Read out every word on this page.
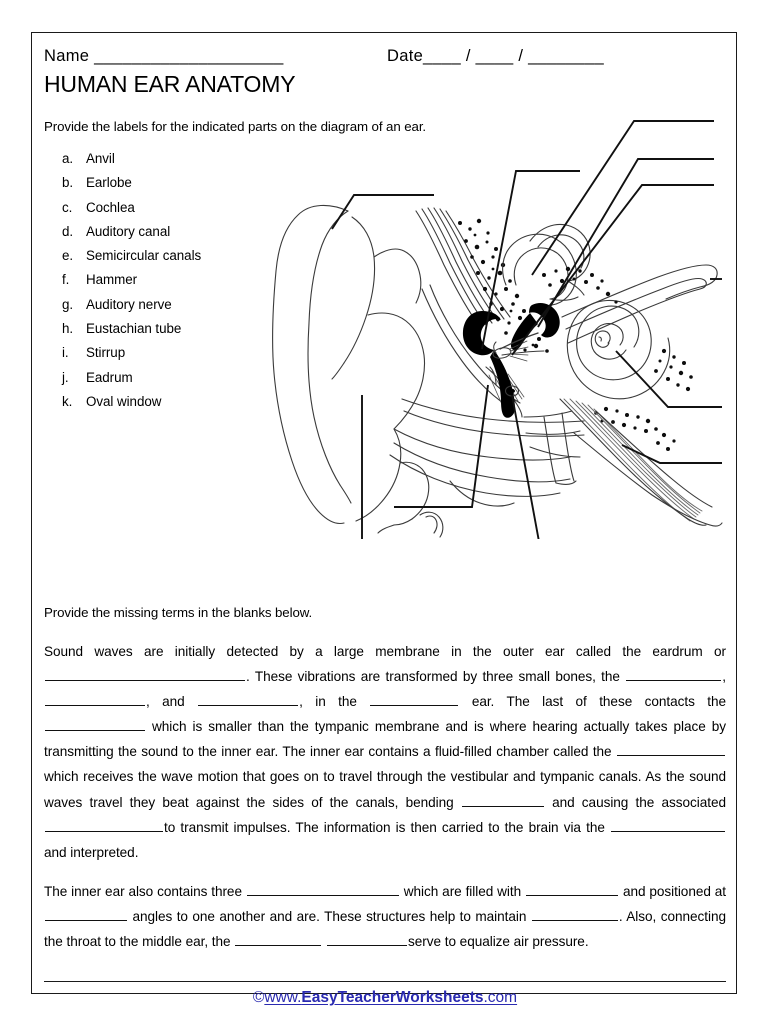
Name ____________________	Date____ / ____ / ________
HUMAN EAR ANATOMY
Provide the labels for the indicated parts on the diagram of an ear.
a. Anvil
b. Earlobe
c.	Cochlea
d. Auditory canal
e. Semicircular canals
f.	Hammer
g. Auditory nerve
h. Eustachian tube
i.	Stirrup
j.	Eadrum
k.	Oval window
Provide the missing terms in the blanks below.
Sound waves are initially detected by a large membrane in the outer ear called the eardrum or . These vibrations are transformed by three small bones, the	, , and	, in the	ear. The last of these contacts the  which is smaller than the tympanic membrane and is where hearing actually takes place by transmitting the sound to the inner ear. The inner ear contains a fluid-filled chamber called the which receives the wave motion that goes on to travel through the vestibular and tympanic canals. As the sound waves travel they beat against the sides of the canals, bending	and causing the associated to transmit impulses. The information is then carried to the brain via the and interpreted.
The inner ear also contains three	which are filled with	and positioned at  angles to one another and are. These structures help to maintain	. Also, connecting the throat to the middle ear, the	serve to equalize air pressure.
©www.EasyTeacherWorksheets.com
